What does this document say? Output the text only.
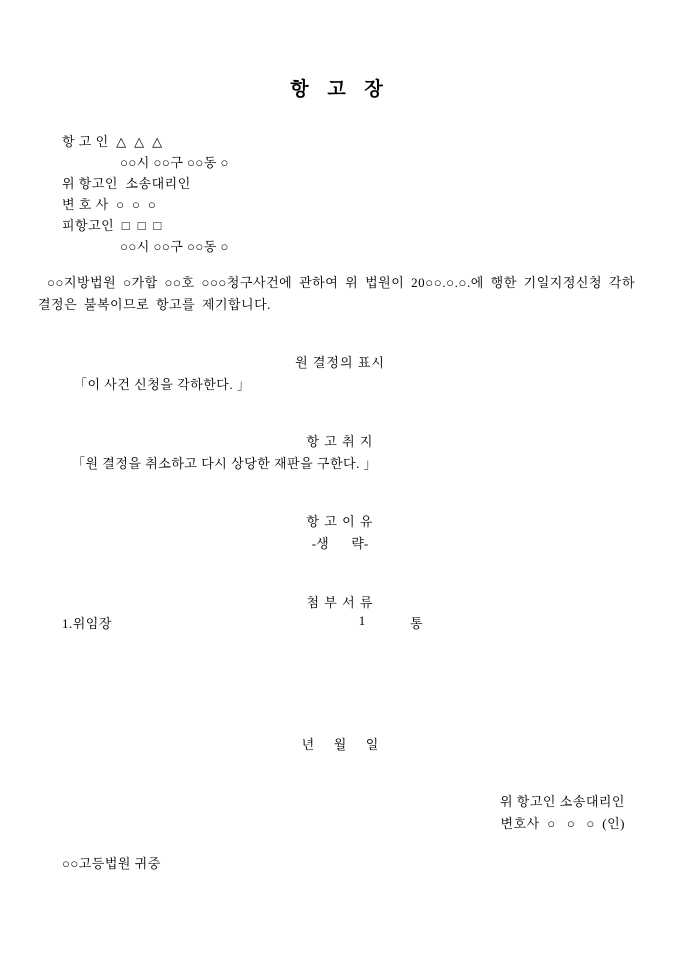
항 고 장
항 고 인  △  △  △
○○시 ○○구 ○○동 ○
위 항고인  소송대리인
변 호 사  ○  ○  ○
피항고인  □  □  □
○○시 ○○구 ○○동 ○
○○지방법원 ○가합 ○○호 ○○○청구사건에 관하여 위 법원이 20○○.○.○.에 행한 기일지정신청 각하결정은 불복이므로 항고를 제기합니다.
원 결정의 표시
「이 사건 신청을 각하한다. 」
항 고 취 지
「원 결정을 취소하고 다시 상당한 재판을 구한다. 」
항 고 이 유
-생       략-
첨 부 서 류
1.위임장	1	통
년      월      일
위 항고인 소송대리인
변호사  ○   ○   ○  (인)
○○고등법원 귀중
